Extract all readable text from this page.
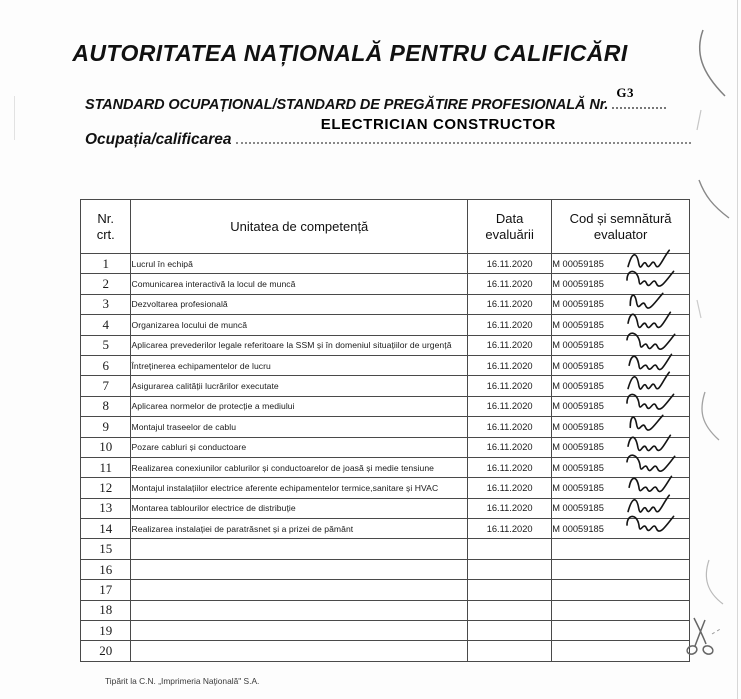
AUTORITATEA NAȚIONALĂ PENTRU CALIFICĂRI
STANDARD OCUPAȚIONAL/STANDARD DE PREGĂTIRE PROFESIONALĂ Nr.
G3
Ocupația/calificarea
ELECTRICIAN CONSTRUCTOR
Nr.
crt.

Unitatea de competență

Data
evaluării

Cod și semnătură
evaluator

1	Lucrul în echipă	16.11.2020	M 00059185

2	Comunicarea interactivă la locul de muncă	16.11.2020	M 00059185

3	Dezvoltarea profesională	16.11.2020	M 00059185

4	Organizarea locului de muncă	16.11.2020	M 00059185

5	Aplicarea prevederilor legale referitoare la SSM și în domeniul situațiilor de urgență	16.11.2020	M 00059185

6	Întreținerea echipamentelor de lucru	16.11.2020	M 00059185

7	Asigurarea calității lucrărilor executate	16.11.2020	M 00059185

8	Aplicarea normelor de protecție a mediului	16.11.2020	M 00059185

9	Montajul traseelor de cablu	16.11.2020	M 00059185

10	Pozare cabluri și conductoare	16.11.2020	M 00059185

11	Realizarea conexiunilor cablurilor și conductoarelor de joasă și medie tensiune	16.11.2020	M 00059185

12	Montajul instalațiilor electrice aferente echipamentelor termice,sanitare și HVAC	16.11.2020	M 00059185

13	Montarea tablourilor electrice de distribuție	16.11.2020	M 00059185

14	Realizarea instalației de paratrăsnet și a prizei de pământ	16.11.2020	M 00059185

15			
16			
17			
18			
19			
20			
Tipărit la C.N. „Imprimeria Naţională" S.A.
